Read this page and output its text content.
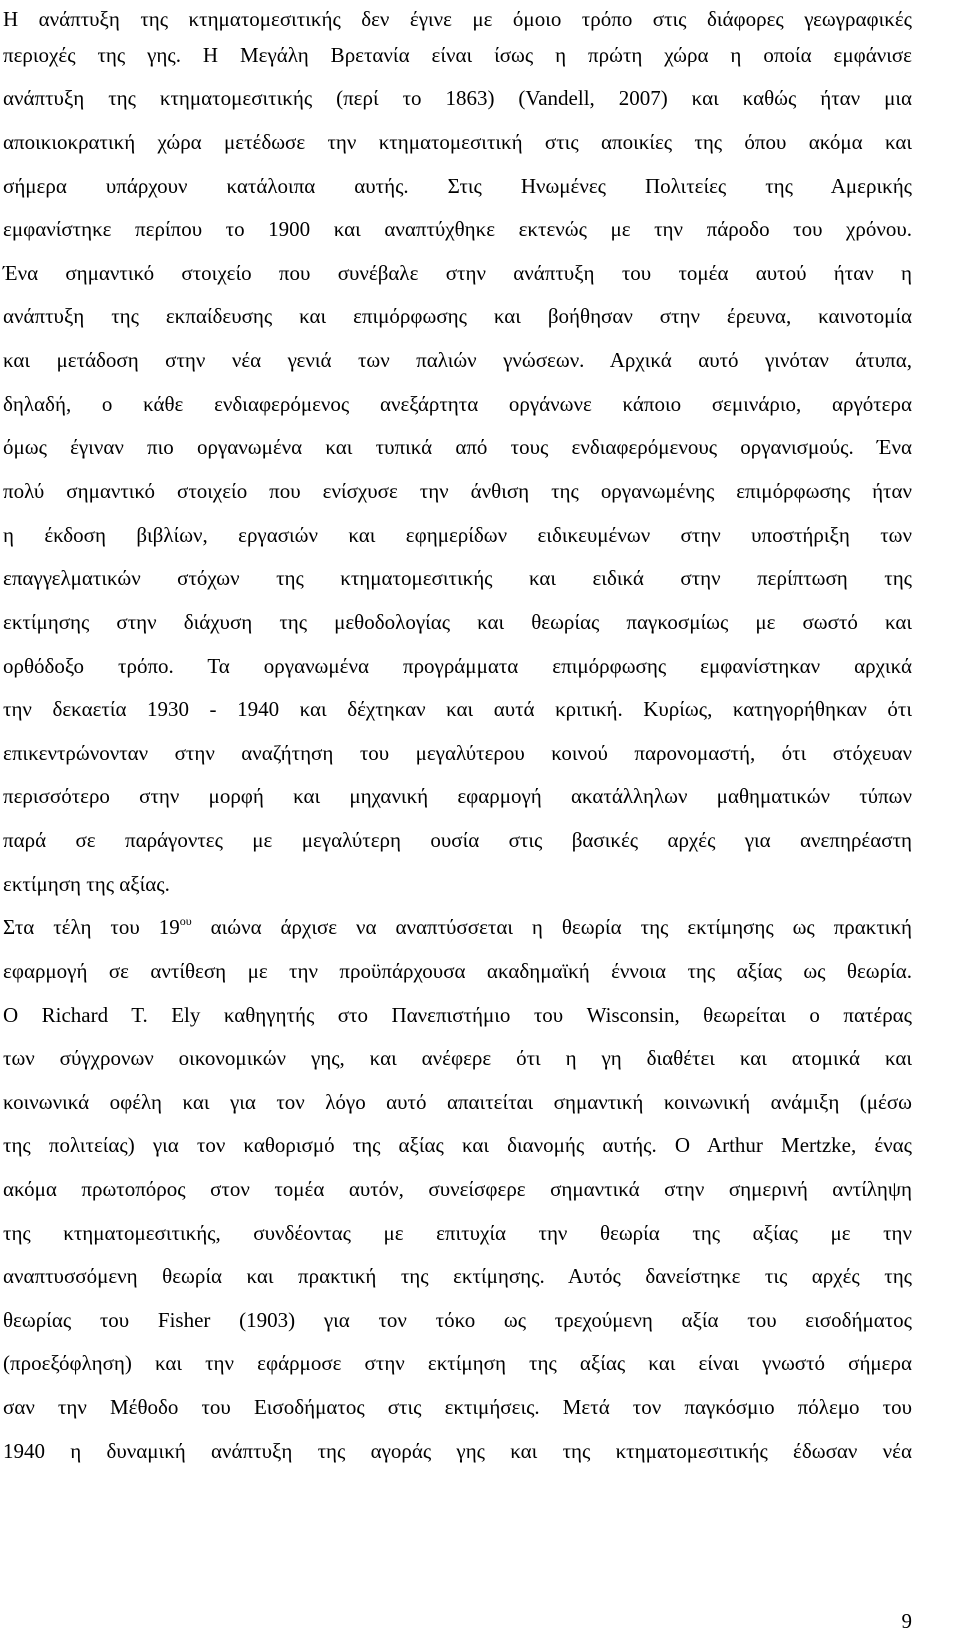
Η ανάπτυξη της κτηματομεσιτικής δεν έγινε με όμοιο τρόπο στις διάφορες γεωγραφικές
περιοχές της γης. Η Μεγάλη Βρετανία είναι ίσως η πρώτη χώρα η οποία εμφάνισε
ανάπτυξη της κτηματομεσιτικής (περί το 1863) (Vandell, 2007) και καθώς ήταν μια
αποικιοκρατική χώρα μετέδωσε την κτηματομεσιτική στις αποικίες της όπου ακόμα και
σήμερα υπάρχουν κατάλοιπα αυτής. Στις Ηνωμένες Πολιτείες της Αμερικής
εμφανίστηκε περίπου το 1900 και αναπτύχθηκε εκτενώς με την πάροδο του χρόνου.
Ένα σημαντικό στοιχείο που συνέβαλε στην ανάπτυξη του τομέα αυτού ήταν η
ανάπτυξη της εκπαίδευσης και επιμόρφωσης και βοήθησαν στην έρευνα, καινοτομία
και μετάδοση στην νέα γενιά των παλιών γνώσεων. Αρχικά αυτό γινόταν άτυπα,
δηλαδή, ο κάθε ενδιαφερόμενος ανεξάρτητα οργάνωνε κάποιο σεμινάριο, αργότερα
όμως έγιναν πιο οργανωμένα και τυπικά από τους ενδιαφερόμενους οργανισμούς. Ένα
πολύ σημαντικό στοιχείο που ενίσχυσε την άνθιση της οργανωμένης επιμόρφωσης ήταν
η έκδοση βιβλίων, εργασιών και εφημερίδων ειδικευμένων στην υποστήριξη των
επαγγελματικών στόχων της κτηματομεσιτικής και ειδικά στην περίπτωση της
εκτίμησης στην διάχυση της μεθοδολογίας και θεωρίας παγκοσμίως με σωστό και
ορθόδοξο τρόπο. Τα οργανωμένα προγράμματα επιμόρφωσης εμφανίστηκαν αρχικά
την δεκαετία 1930 - 1940 και δέχτηκαν και αυτά κριτική. Κυρίως, κατηγορήθηκαν ότι
επικεντρώνονταν στην αναζήτηση του μεγαλύτερου κοινού παρονομαστή, ότι στόχευαν
περισσότερο στην μορφή και μηχανική εφαρμογή ακατάλληλων μαθηματικών τύπων
παρά σε παράγοντες με μεγαλύτερη ουσία στις βασικές αρχές για ανεπηρέαστη
εκτίμηση της αξίας.
Στα τέλη του $19^{o\upsilon}$ αιώνα άρχισε να αναπτύσσεται η θεωρία της εκτίμησης ως πρακτική
εφαρμογή σε αντίθεση με την προϋπάρχουσα ακαδημαϊκή έννοια της αξίας ως θεωρία.
O Richard T. Ely καθηγητής στο Πανεπιστήμιο του Wisconsin, θεωρείται ο πατέρας
των σύγχρονων οικονομικών γης, και ανέφερε ότι η γη διαθέτει και ατομικά και
κοινωνικά οφέλη και για τον λόγο αυτό απαιτείται σημαντική κοινωνική ανάμιξη (μέσω
της πολιτείας) για τον καθορισμό της αξίας και διανομής αυτής. O Arthur Mertzke, ένας
ακόμα πρωτοπόρος στον τομέα αυτόν, συνείσφερε σημαντικά στην σημερινή αντίληψη
της κτηματομεσιτικής, συνδέοντας με επιτυχία την θεωρία της αξίας με την
αναπτυσσόμενη θεωρία και πρακτική της εκτίμησης. Αυτός δανείστηκε τις αρχές της
θεωρίας του Fisher (1903) για τον τόκο ως τρεχούμενη αξία του εισοδήματος
(προεξόφληση) και την εφάρμοσε στην εκτίμηση της αξίας και είναι γνωστό σήμερα
σαν την Μέθοδο του Εισοδήματος στις εκτιμήσεις. Μετά τον παγκόσμιο πόλεμο του
1940 η δυναμική ανάπτυξη της αγοράς γης και της κτηματομεσιτικής έδωσαν νέα
9
